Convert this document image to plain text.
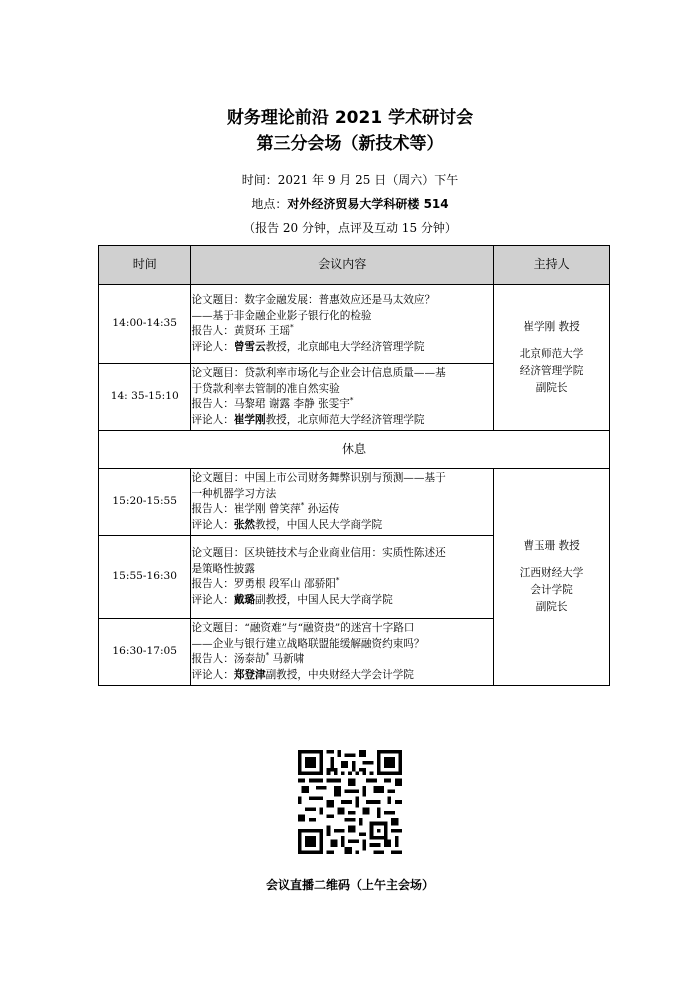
财务理论前沿 2021 学术研讨会
第三分会场（新技术等）
时间：2021 年 9 月 25 日（周六）下午
地点：对外经济贸易大学科研楼 514
（报告 20 分钟，点评及互动 15 分钟）
时间	会议内容	主持人
14:00-14:35	论文题目：数字金融发展：普惠效应还是马太效应？
——基于非金融企业影子银行化的检验
报告人：黄贤环 王瑶*
评论人：曾雪云教授，北京邮电大学经济管理学院	崔学刚 教授
北京师范大学
经济管理学院
副院长

14: 35-15:10	论文题目：贷款利率市场化与企业会计信息质量——基
于贷款利率去管制的准自然实验
报告人：马黎珺 谢露 李静 张雯宇*
评论人：崔学刚教授，北京师范大学经济管理学院	

休息		
15:20-15:55	论文题目：中国上市公司财务舞弊识别与预测——基于
一种机器学习方法
报告人：崔学刚 曾笑萍* 孙运传
评论人：张然教授，中国人民大学商学院	曹玉珊 教授
江西财经大学
会计学院
副院长

15:55-16:30	论文题目：区块链技术与企业商业信用：实质性陈述还
是策略性披露
报告人：罗勇根 段军山 邵骄阳*
评论人：戴璐副教授，中国人民大学商学院	

16:30-17:05	论文题目：“融资难”与“融资贵”的迷宫十字路口
——企业与银行建立战略联盟能缓解融资约束吗？
报告人：汤泰劼* 马新啸
评论人：郑登津副教授，中央财经大学会计学院	
会议直播二维码（上午主会场）
